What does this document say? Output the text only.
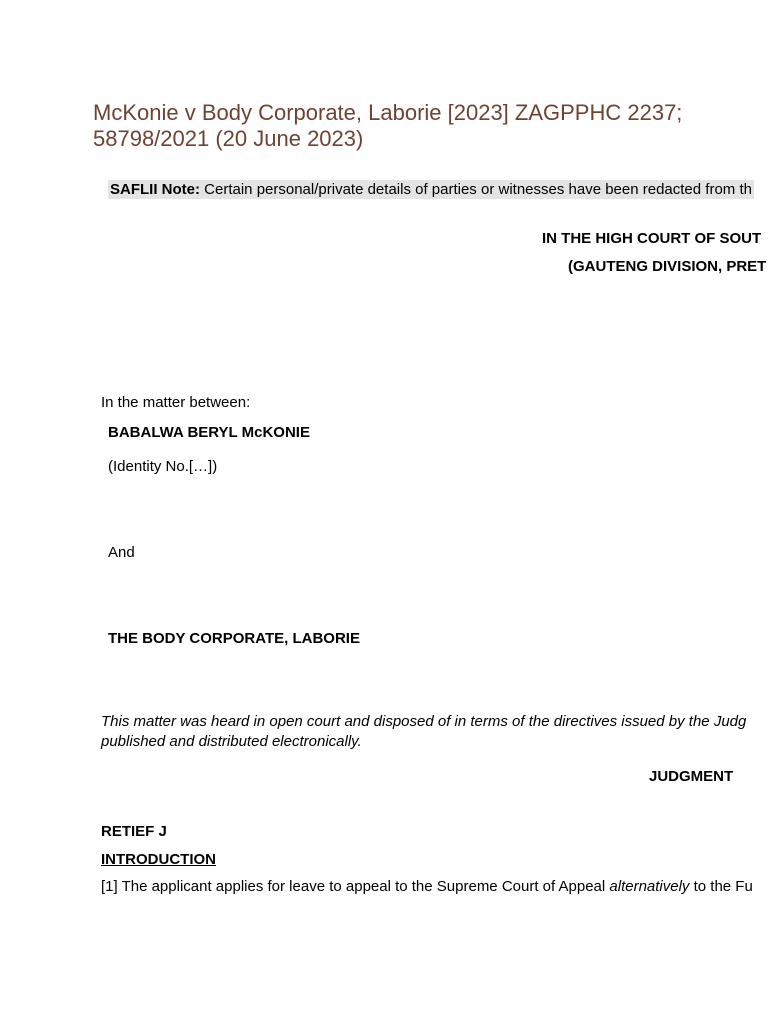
McKonie v Body Corporate, Laborie [2023] ZAGPPHC 2237; 58798/2021 (20 June 2023)
SAFLII Note: Certain personal/private details of parties or witnesses have been redacted from th
IN THE HIGH COURT OF SOUT
(GAUTENG DIVISION, PRET
In the matter between:
BABALWA BERYL McKONIE
(Identity No.[…])
And
THE BODY CORPORATE, LABORIE
This matter was heard in open court and disposed of in terms of the directives issued by the Judg
published and distributed electronically.
JUDGMENT
RETIEF J
INTRODUCTION
[1] The applicant applies for leave to appeal to the Supreme Court of Appeal alternatively to the Fu
